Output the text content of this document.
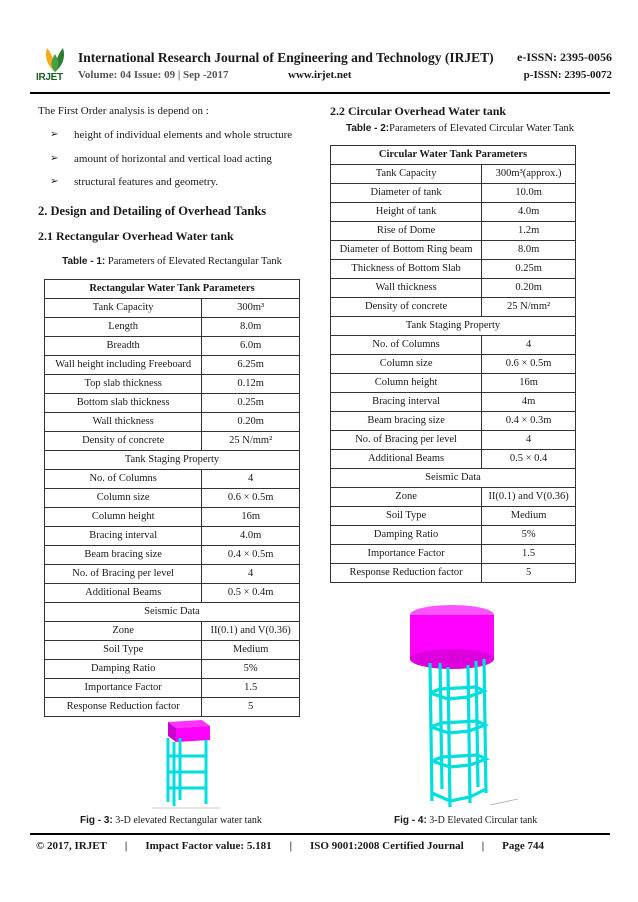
IRJET
International Research Journal of Engineering and Technology (IRJET) e-ISSN: 2395-0056
Volume: 04 Issue: 09 | Sep -2017	www.irjet.net	p-ISSN: 2395-0072

The First Order analysis is depend on :

➢ height of individual elements and whole structure
➢ amount of horizontal and vertical load acting
➢ structural features and geometry.
2. Design and Detailing of Overhead Tanks
2.1 Rectangular Overhead Water tank
Table - 1: Parameters of Elevated Rectangular Tank
Rectangular Water Tank Parameters	
Tank Capacity	300m³
Length	8.0m
Breadth	6.0m
Wall height including Freeboard	6.25m
Top slab thickness	0.12m
Bottom slab thickness	0.25m
Wall thickness	0.20m
Density of concrete	25 N/mm²
Tank Staging Property	
No. of Columns	4
Column size	0.6 × 0.5m
Column height	16m
Bracing interval	4.0m
Beam bracing size	0.4 × 0.5m
No. of Bracing per level	4
Additional Beams	0.5 × 0.4m
Seismic Data	
Zone	II(0.1) and V(0.36)
Soil Type	Medium
Damping Ratio	5%
Importance Factor	1.5
Response Reduction factor	5
2.2 Circular Overhead Water tank
Table - 2:Parameters of Elevated Circular Water Tank
Circular Water Tank Parameters	
Tank Capacity	300m³(approx.)
Diameter of tank	10.0m
Height of tank	4.0m
Rise of Dome	1.2m
Diameter of Bottom Ring beam	8.0m
Thickness of Bottom Slab	0.25m
Wall thickness	0.20m
Density of concrete	25 N/mm²
Tank Staging Property	
No. of Columns	4
Column size	0.6 × 0.5m
Column height	16m
Bracing interval	4m
Beam bracing size	0.4 × 0.3m
No. of Bracing per level	4
Additional Beams	0.5 × 0.4
Seismic Data	
Zone	II(0.1) and V(0.36)
Soil Type	Medium
Damping Ratio	5%
Importance Factor	1.5
Response Reduction factor	5
Fig - 3: 3-D elevated Rectangular water tank	Fig - 4: 3-D Elevated Circular tank
© 2017, IRJET | Impact Factor value: 5.181 | ISO 9001:2008 Certified Journal | Page 744
